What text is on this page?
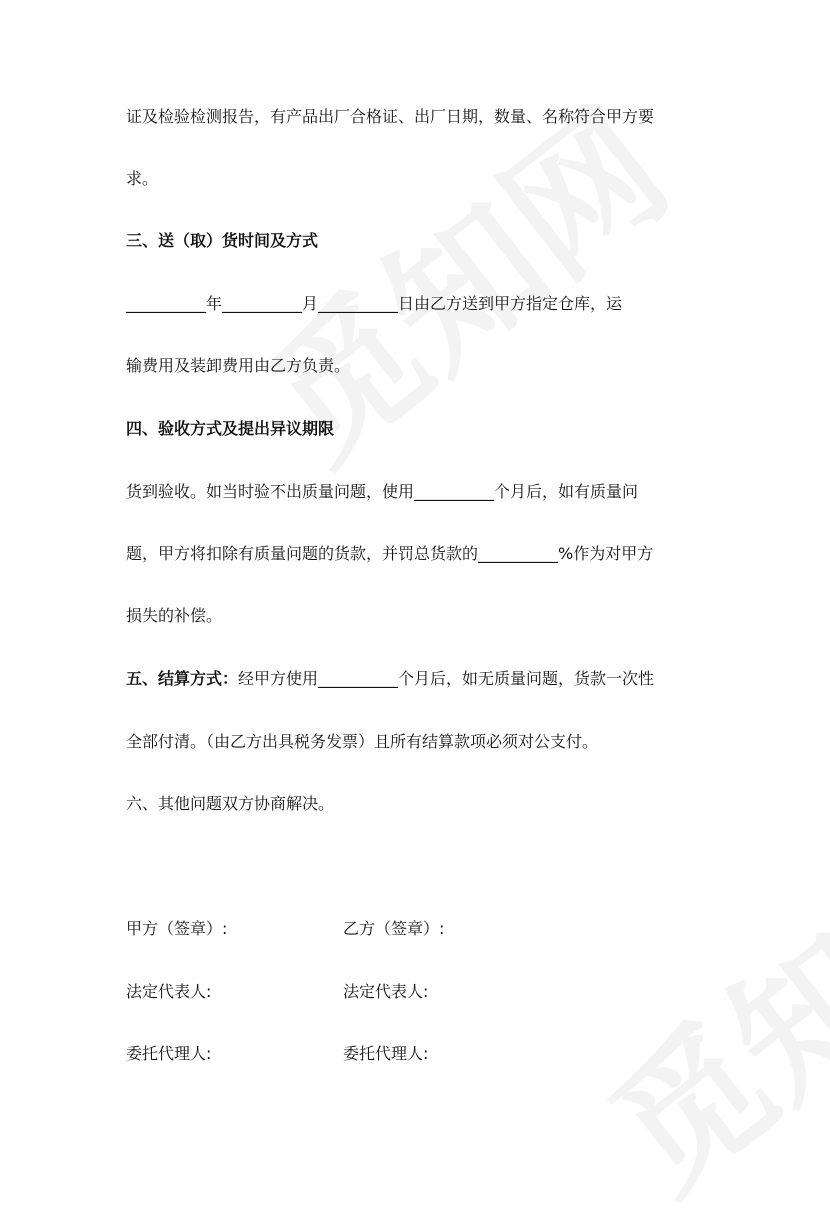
证及检验检测报告，有产品出厂合格证、出厂日期，数量、名称符合甲方要
求。
三、送（取）货时间及方式
__________年__________月__________日由乙方送到甲方指定仓库，运
输费用及装卸费用由乙方负责。
四、验收方式及提出异议期限
货到验收。如当时验不出质量问题，使用__________个月后，如有质量问
题，甲方将扣除有质量问题的货款，并罚总货款的__________%作为对甲方
损失的补偿。
五、结算方式：经甲方使用__________个月后，如无质量问题，货款一次性
全部付清。（由乙方出具税务发票）且所有结算款项必须对公支付。
六、其他问题双方协商解决。
甲方（签章）:	乙方（签章）:
法定代表人:	法定代表人:
委托代理人:	委托代理人:
